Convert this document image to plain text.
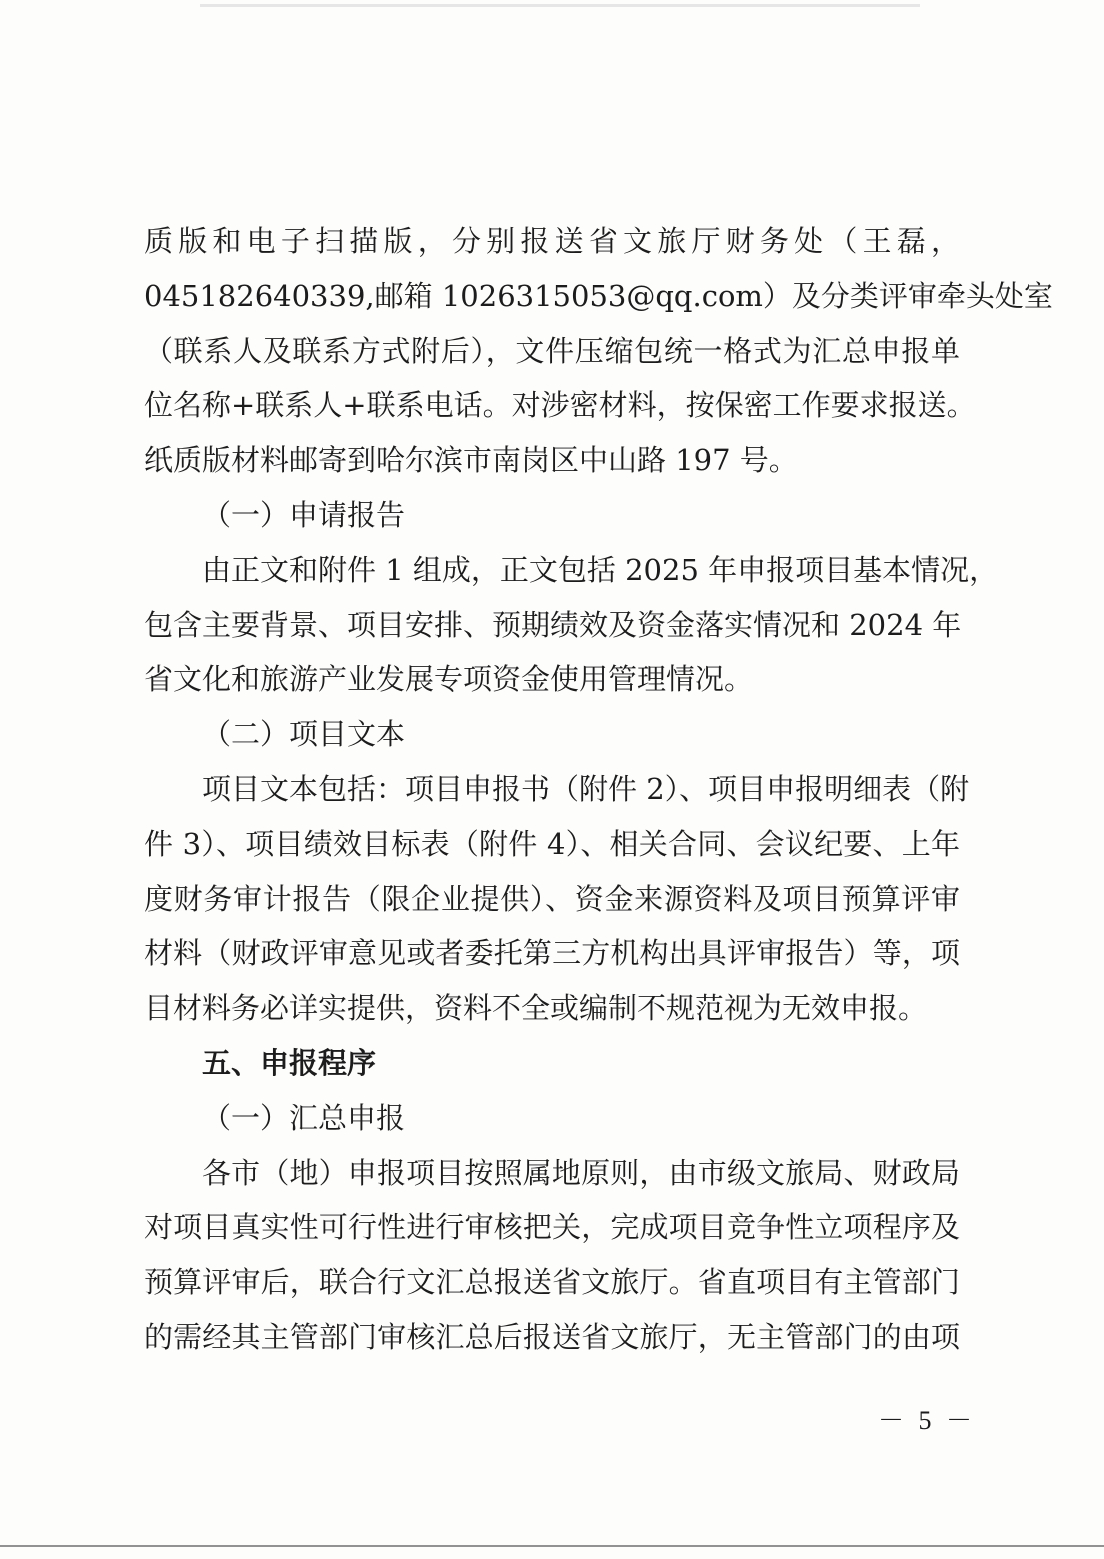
质版和电子扫描版，分别报送省文旅厅财务处（王磊，
045182640339,邮箱 1026315053@qq.com）及分类评审牵头处室
（联系人及联系方式附后），文件压缩包统一格式为汇总申报单
位名称+联系人+联系电话。对涉密材料，按保密工作要求报送。
纸质版材料邮寄到哈尔滨市南岗区中山路 197 号。
（一）申请报告
由正文和附件 1 组成，正文包括 2025 年申报项目基本情况，
包含主要背景、项目安排、预期绩效及资金落实情况和 2024 年
省文化和旅游产业发展专项资金使用管理情况。
（二）项目文本
项目文本包括：项目申报书（附件 2）、项目申报明细表（附
件 3）、项目绩效目标表（附件 4）、相关合同、会议纪要、上年
度财务审计报告（限企业提供）、资金来源资料及项目预算评审
材料（财政评审意见或者委托第三方机构出具评审报告）等，项
目材料务必详实提供，资料不全或编制不规范视为无效申报。
五、申报程序
（一）汇总申报
各市（地）申报项目按照属地原则，由市级文旅局、财政局
对项目真实性可行性进行审核把关，完成项目竞争性立项程序及
预算评审后，联合行文汇总报送省文旅厅。省直项目有主管部门
的需经其主管部门审核汇总后报送省文旅厅，无主管部门的由项
－ 5 －
